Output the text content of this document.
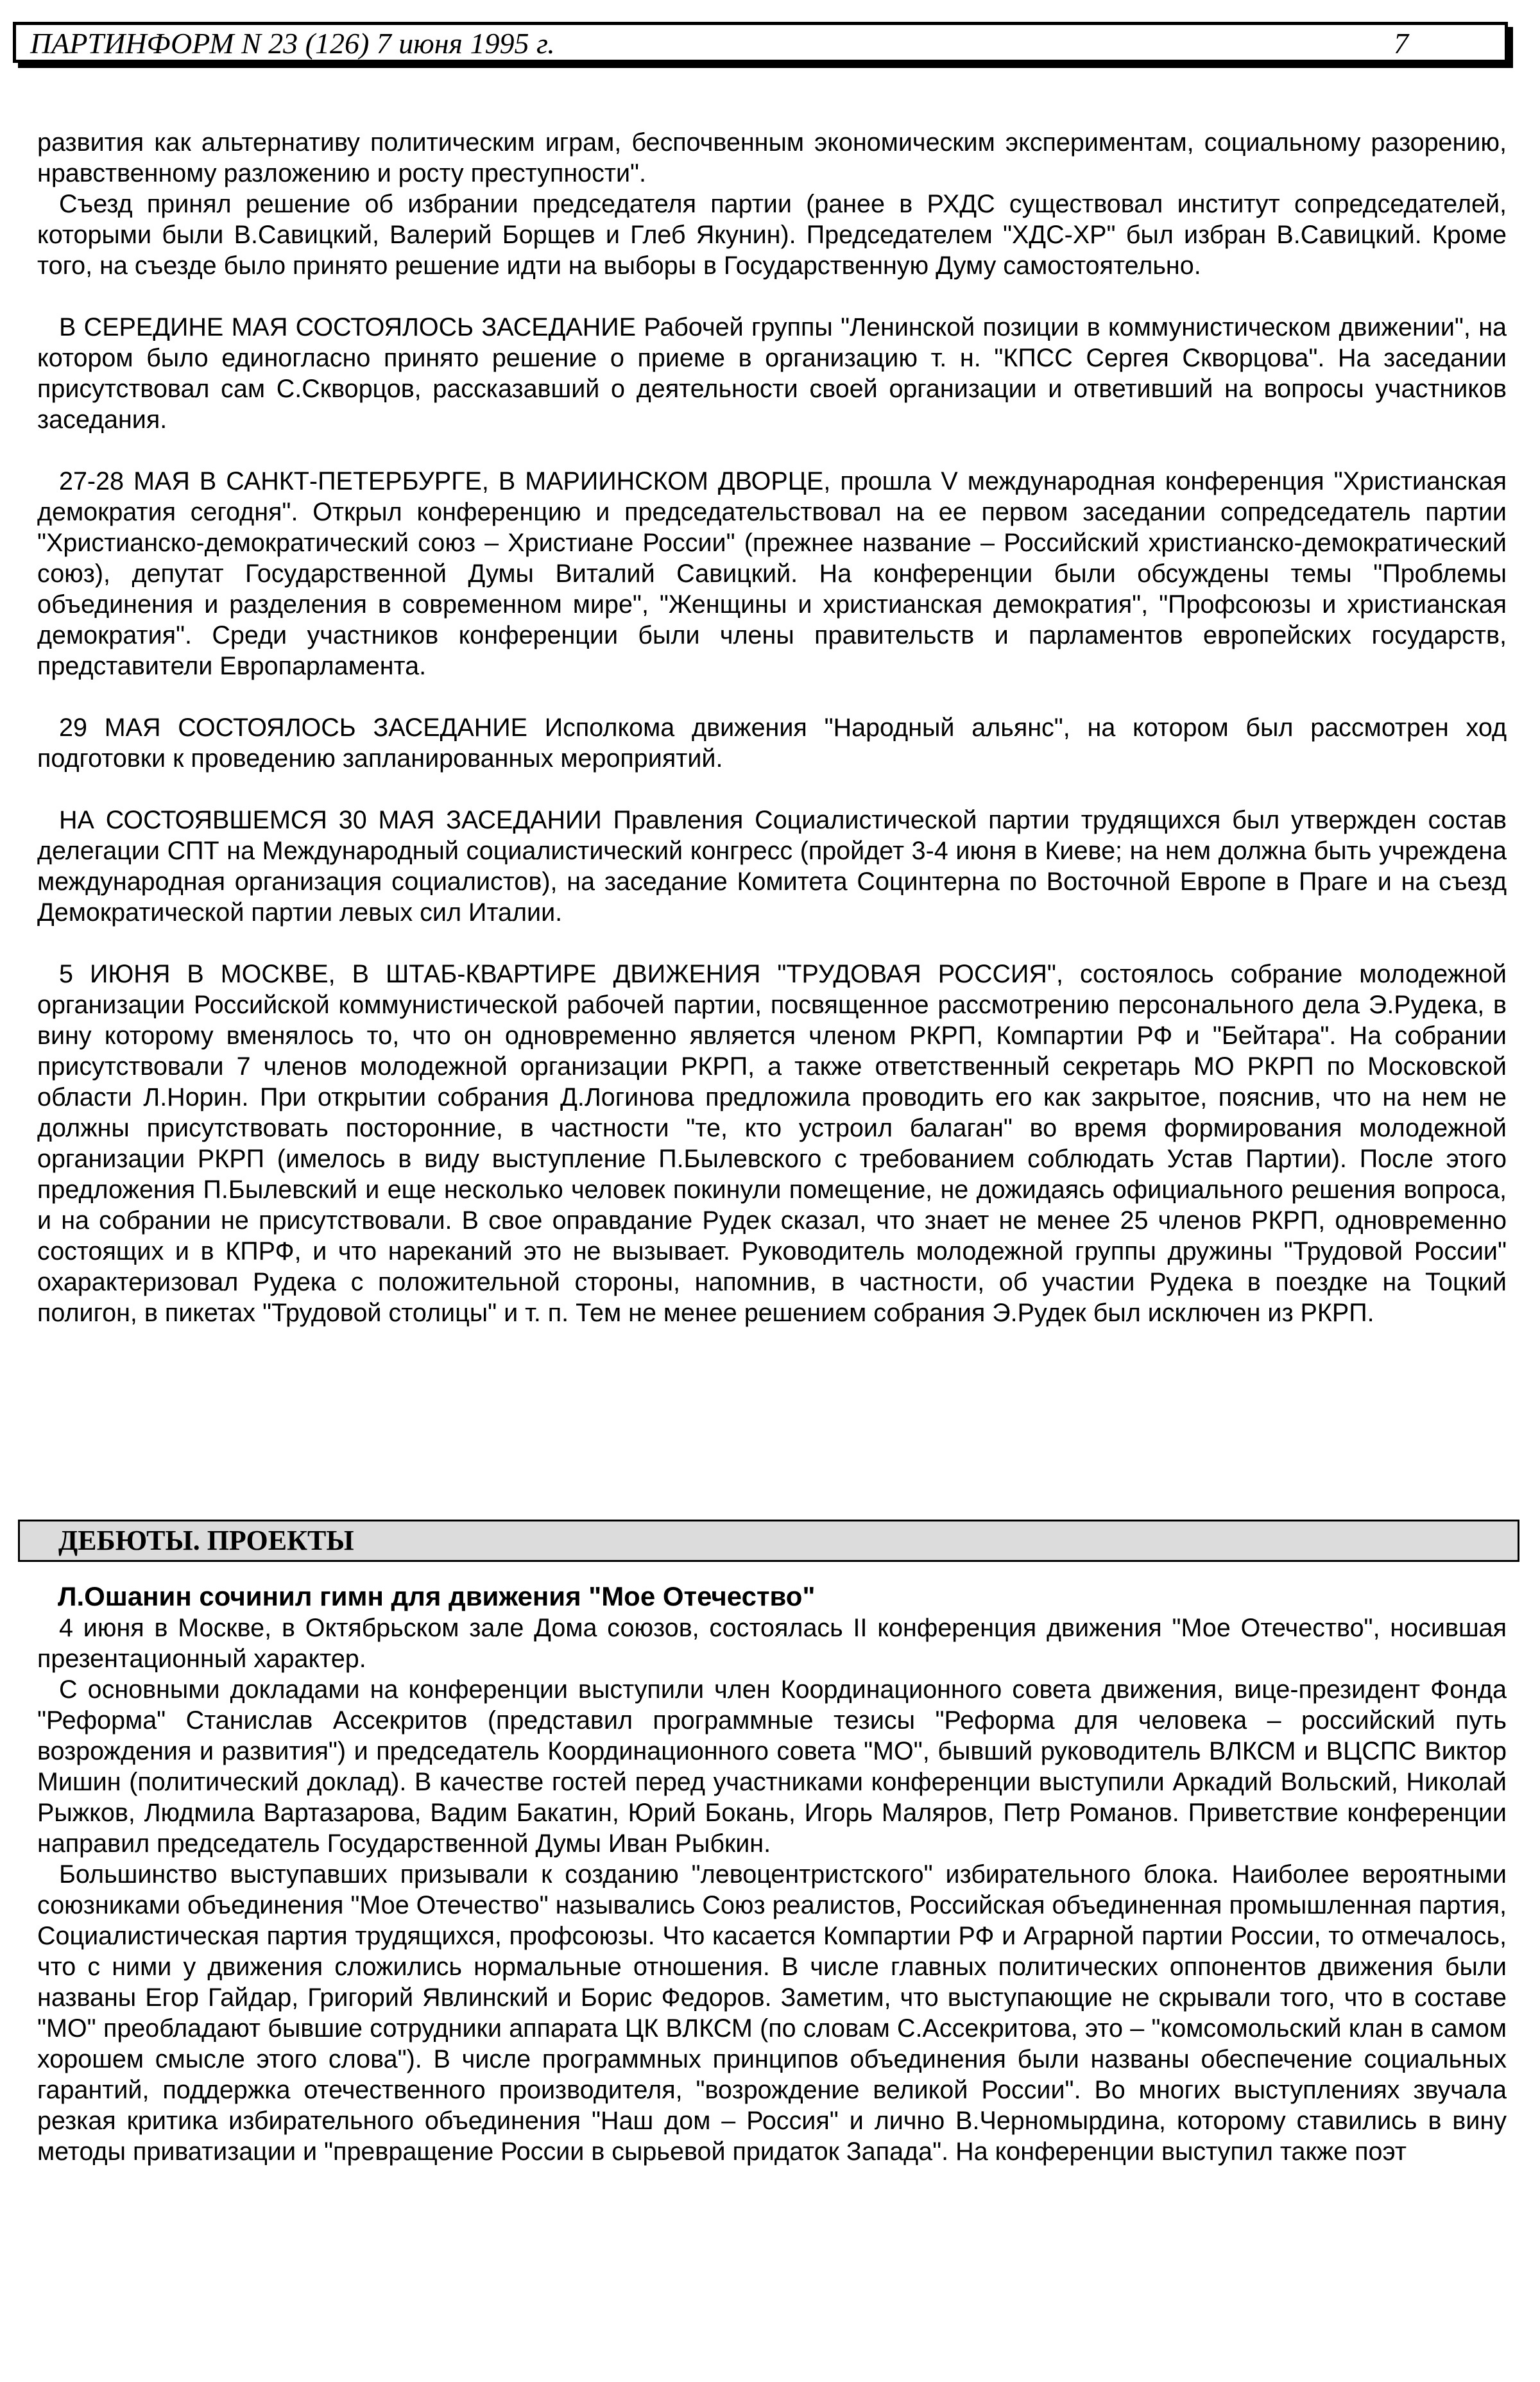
ПАРТИНФОРМ N 23 (126) 7 июня 1995 г.	7

развития как альтернативу политическим играм, беспочвенным экономическим экспериментам, социальному разорению, нравственному разложению и росту преступности".

Съезд принял решение об избрании председателя партии (ранее в РХДС существовал институт сопредседателей, которыми были В.Савицкий, Валерий Борщев и Глеб Якунин). Председателем "ХДС-ХР" был избран В.Савицкий. Кроме того, на съезде было принято решение идти на выборы в Государственную Думу самостоятельно.

В СЕРЕДИНЕ МАЯ СОСТОЯЛОСЬ ЗАСЕДАНИЕ Рабочей группы "Ленинской позиции в коммунистическом движении", на котором было единогласно принято решение о приеме в организацию т. н. "КПСС Сергея Скворцова". На заседании присутствовал сам С.Скворцов, рассказавший о деятельности своей организации и ответивший на вопросы участников заседания.

27-28 МАЯ В САНКТ-ПЕТЕРБУРГЕ, В МАРИИНСКОМ ДВОРЦЕ, прошла V международная конференция "Христианская демократия сегодня". Открыл конференцию и председательствовал на ее первом заседании сопредседатель партии "Христианско-демократический союз – Христиане России" (прежнее название – Российский христианско-демократический союз), депутат Государственной Думы Виталий Савицкий. На конференции были обсуждены темы "Проблемы объединения и разделения в современном мире", "Женщины и христианская демократия", "Профсоюзы и христианская демократия". Среди участников конференции были члены правительств и парламентов европейских государств, представители Европарламента.

29 МАЯ СОСТОЯЛОСЬ ЗАСЕДАНИЕ Исполкома движения "Народный альянс", на котором был рассмотрен ход подготовки к проведению запланированных мероприятий.

НА СОСТОЯВШЕМСЯ 30 МАЯ ЗАСЕДАНИИ Правления Социалистической партии трудящихся был утвержден состав делегации СПТ на Международный социалистический конгресс (пройдет 3-4 июня в Киеве; на нем должна быть учреждена международная организация социалистов), на заседание Комитета Социнтерна по Восточной Европе в Праге и на съезд Демократической партии левых сил Италии.

5 ИЮНЯ В МОСКВЕ, В ШТАБ-КВАРТИРЕ ДВИЖЕНИЯ "ТРУДОВАЯ РОССИЯ", состоялось собрание молодежной организации Российской коммунистической рабочей партии, посвященное рассмотрению персонального дела Э.Рудека, в вину которому вменялось то, что он одновременно является членом РКРП, Компартии РФ и "Бейтара". На собрании присутствовали 7 членов молодежной организации РКРП, а также ответственный секретарь МО РКРП по Московской области Л.Норин. При открытии собрания Д.Логинова предложила проводить его как закрытое, пояснив, что на нем не должны присутствовать посторонние, в частности "те, кто устроил балаган" во время формирования молодежной организации РКРП (имелось в виду выступление П.Былевского с требованием соблюдать Устав Партии). После этого предложения П.Былевский и еще несколько человек покинули помещение, не дожидаясь официального решения вопроса, и на собрании не присутствовали. В свое оправдание Рудек сказал, что знает не менее 25 членов РКРП, одновременно состоящих и в КПРФ, и что нареканий это не вызывает. Руководитель молодежной группы дружины "Трудовой России" охарактеризовал Рудека с положительной стороны, напомнив, в частности, об участии Рудека в поездке на Тоцкий полигон, в пикетах "Трудовой столицы" и т. п. Тем не менее решением собрания Э.Рудек был исключен из РКРП.

ДЕБЮТЫ. ПРОЕКТЫ
Л.Ошанин сочинил гимн для движения "Мое Отечество"

4 июня в Москве, в Октябрьском зале Дома союзов, состоялась II конференция движения "Мое Отечество", носившая презентационный характер.

С основными докладами на конференции выступили член Координационного совета движения, вице-президент Фонда "Реформа" Станислав Ассекритов (представил программные тезисы "Реформа для человека – российский путь возрождения и развития") и председатель Координационного совета "МО", бывший руководитель ВЛКСМ и ВЦСПС Виктор Мишин (политический доклад). В качестве гостей перед участниками конференции выступили Аркадий Вольский, Николай Рыжков, Людмила Вартазарова, Вадим Бакатин, Юрий Бокань, Игорь Маляров, Петр Романов. Приветствие конференции направил председатель Государственной Думы Иван Рыбкин.

Большинство выступавших призывали к созданию "левоцентристского" избирательного блока. Наиболее вероятными союзниками объединения "Мое Отечество" назывались Союз реалистов, Российская объединенная промышленная партия, Социалистическая партия трудящихся, профсоюзы. Что касается Компартии РФ и Аграрной партии России, то отмечалось, что с ними у движения сложились нормальные отношения. В числе главных политических оппонентов движения были названы Егор Гайдар, Григорий Явлинский и Борис Федоров. Заметим, что выступающие не скрывали того, что в составе "МО" преобладают бывшие сотрудники аппарата ЦК ВЛКСМ (по словам С.Ассекритова, это – "комсомольский клан в самом хорошем смысле этого слова"). В числе программных принципов объединения были названы обеспечение социальных гарантий, поддержка отечественного производителя, "возрождение великой России". Во многих выступлениях звучала резкая критика избирательного объединения "Наш дом – Россия" и лично В.Черномырдина, которому ставились в вину методы приватизации и "превращение России в сырьевой придаток Запада". На конференции выступил также поэт
